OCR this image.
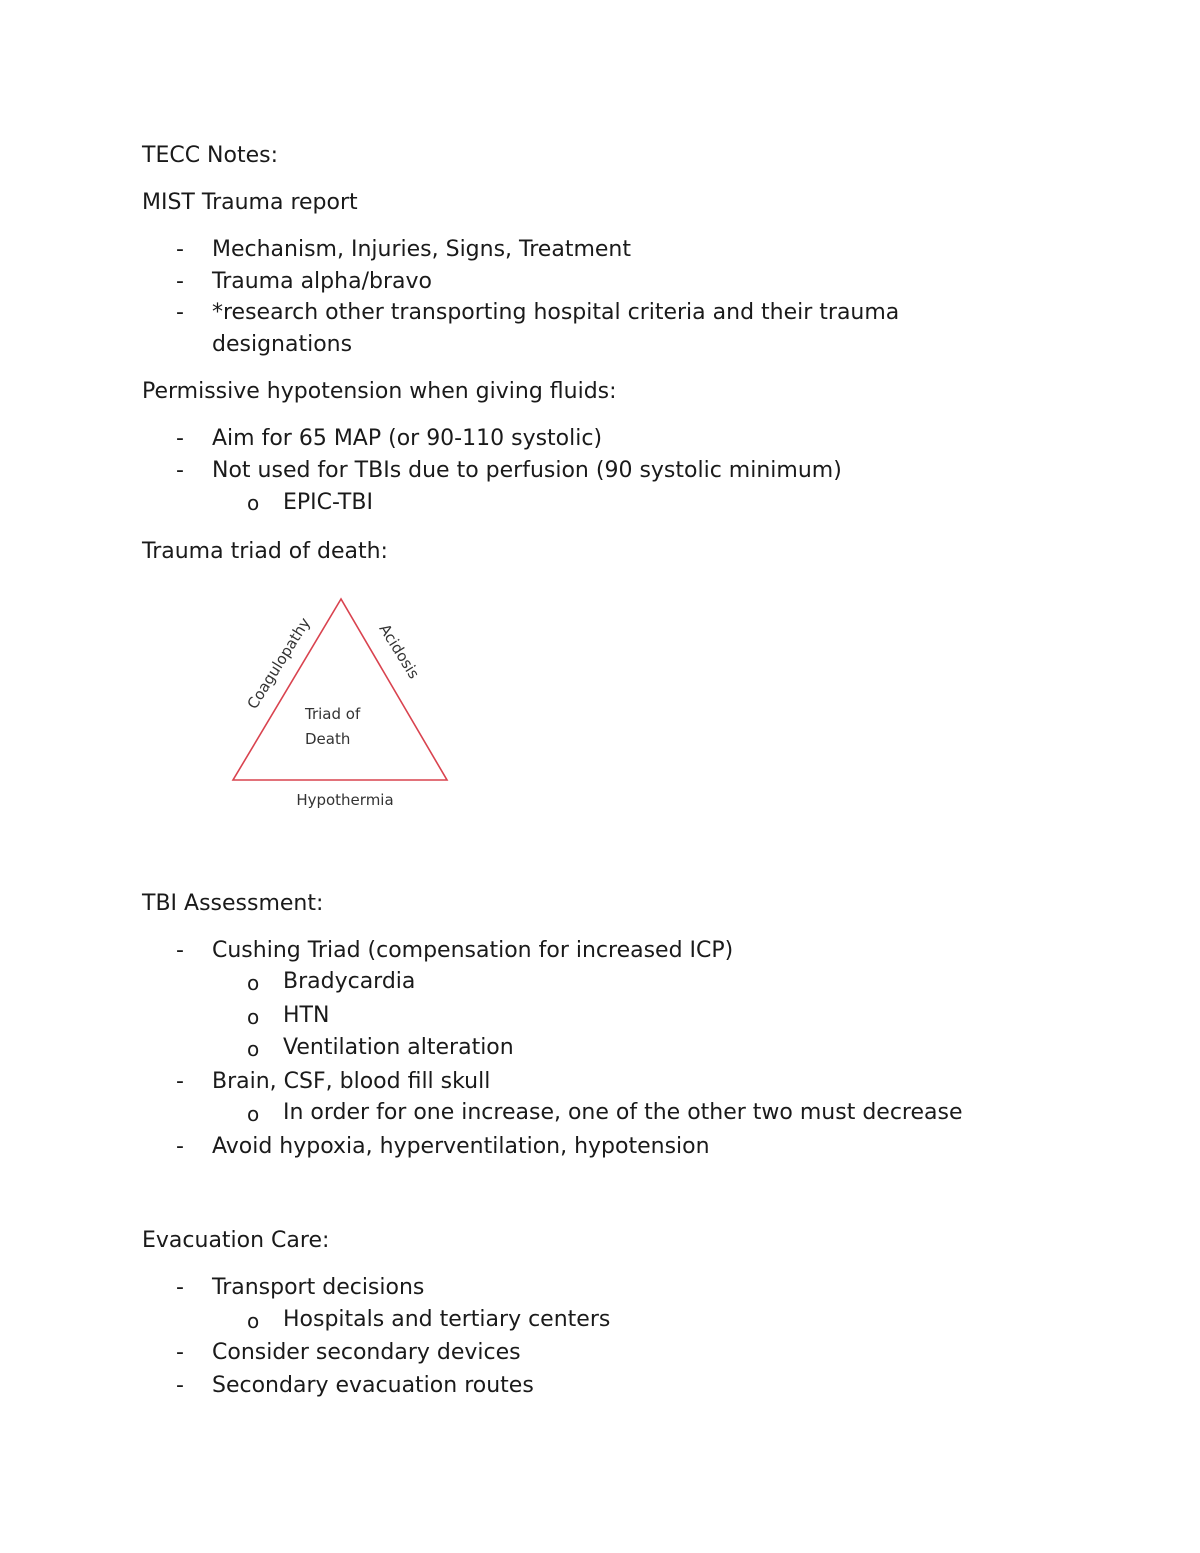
TECC Notes:
MIST Trauma report
- Mechanism, Injuries, Signs, Treatment
- Trauma alpha/bravo
- *research other transporting hospital criteria and their trauma
designations
Permissive hypotension when giving fluids:
- Aim for 65 MAP (or 90-110 systolic)
- Not used for TBIs due to perfusion (90 systolic minimum)
o EPIC-TBI
Trauma triad of death:
Coagulopathy	Acidosis
Hypothermia
Triad of
Death
TBI Assessment:
- Cushing Triad (compensation for increased ICP)
o Bradycardia
o HTN
o Ventilation alteration
- Brain, CSF, blood fill skull
o In order for one increase, one of the other two must decrease
- Avoid hypoxia, hyperventilation, hypotension
Evacuation Care:
- Transport decisions
o Hospitals and tertiary centers
- Consider secondary devices
- Secondary evacuation routes
